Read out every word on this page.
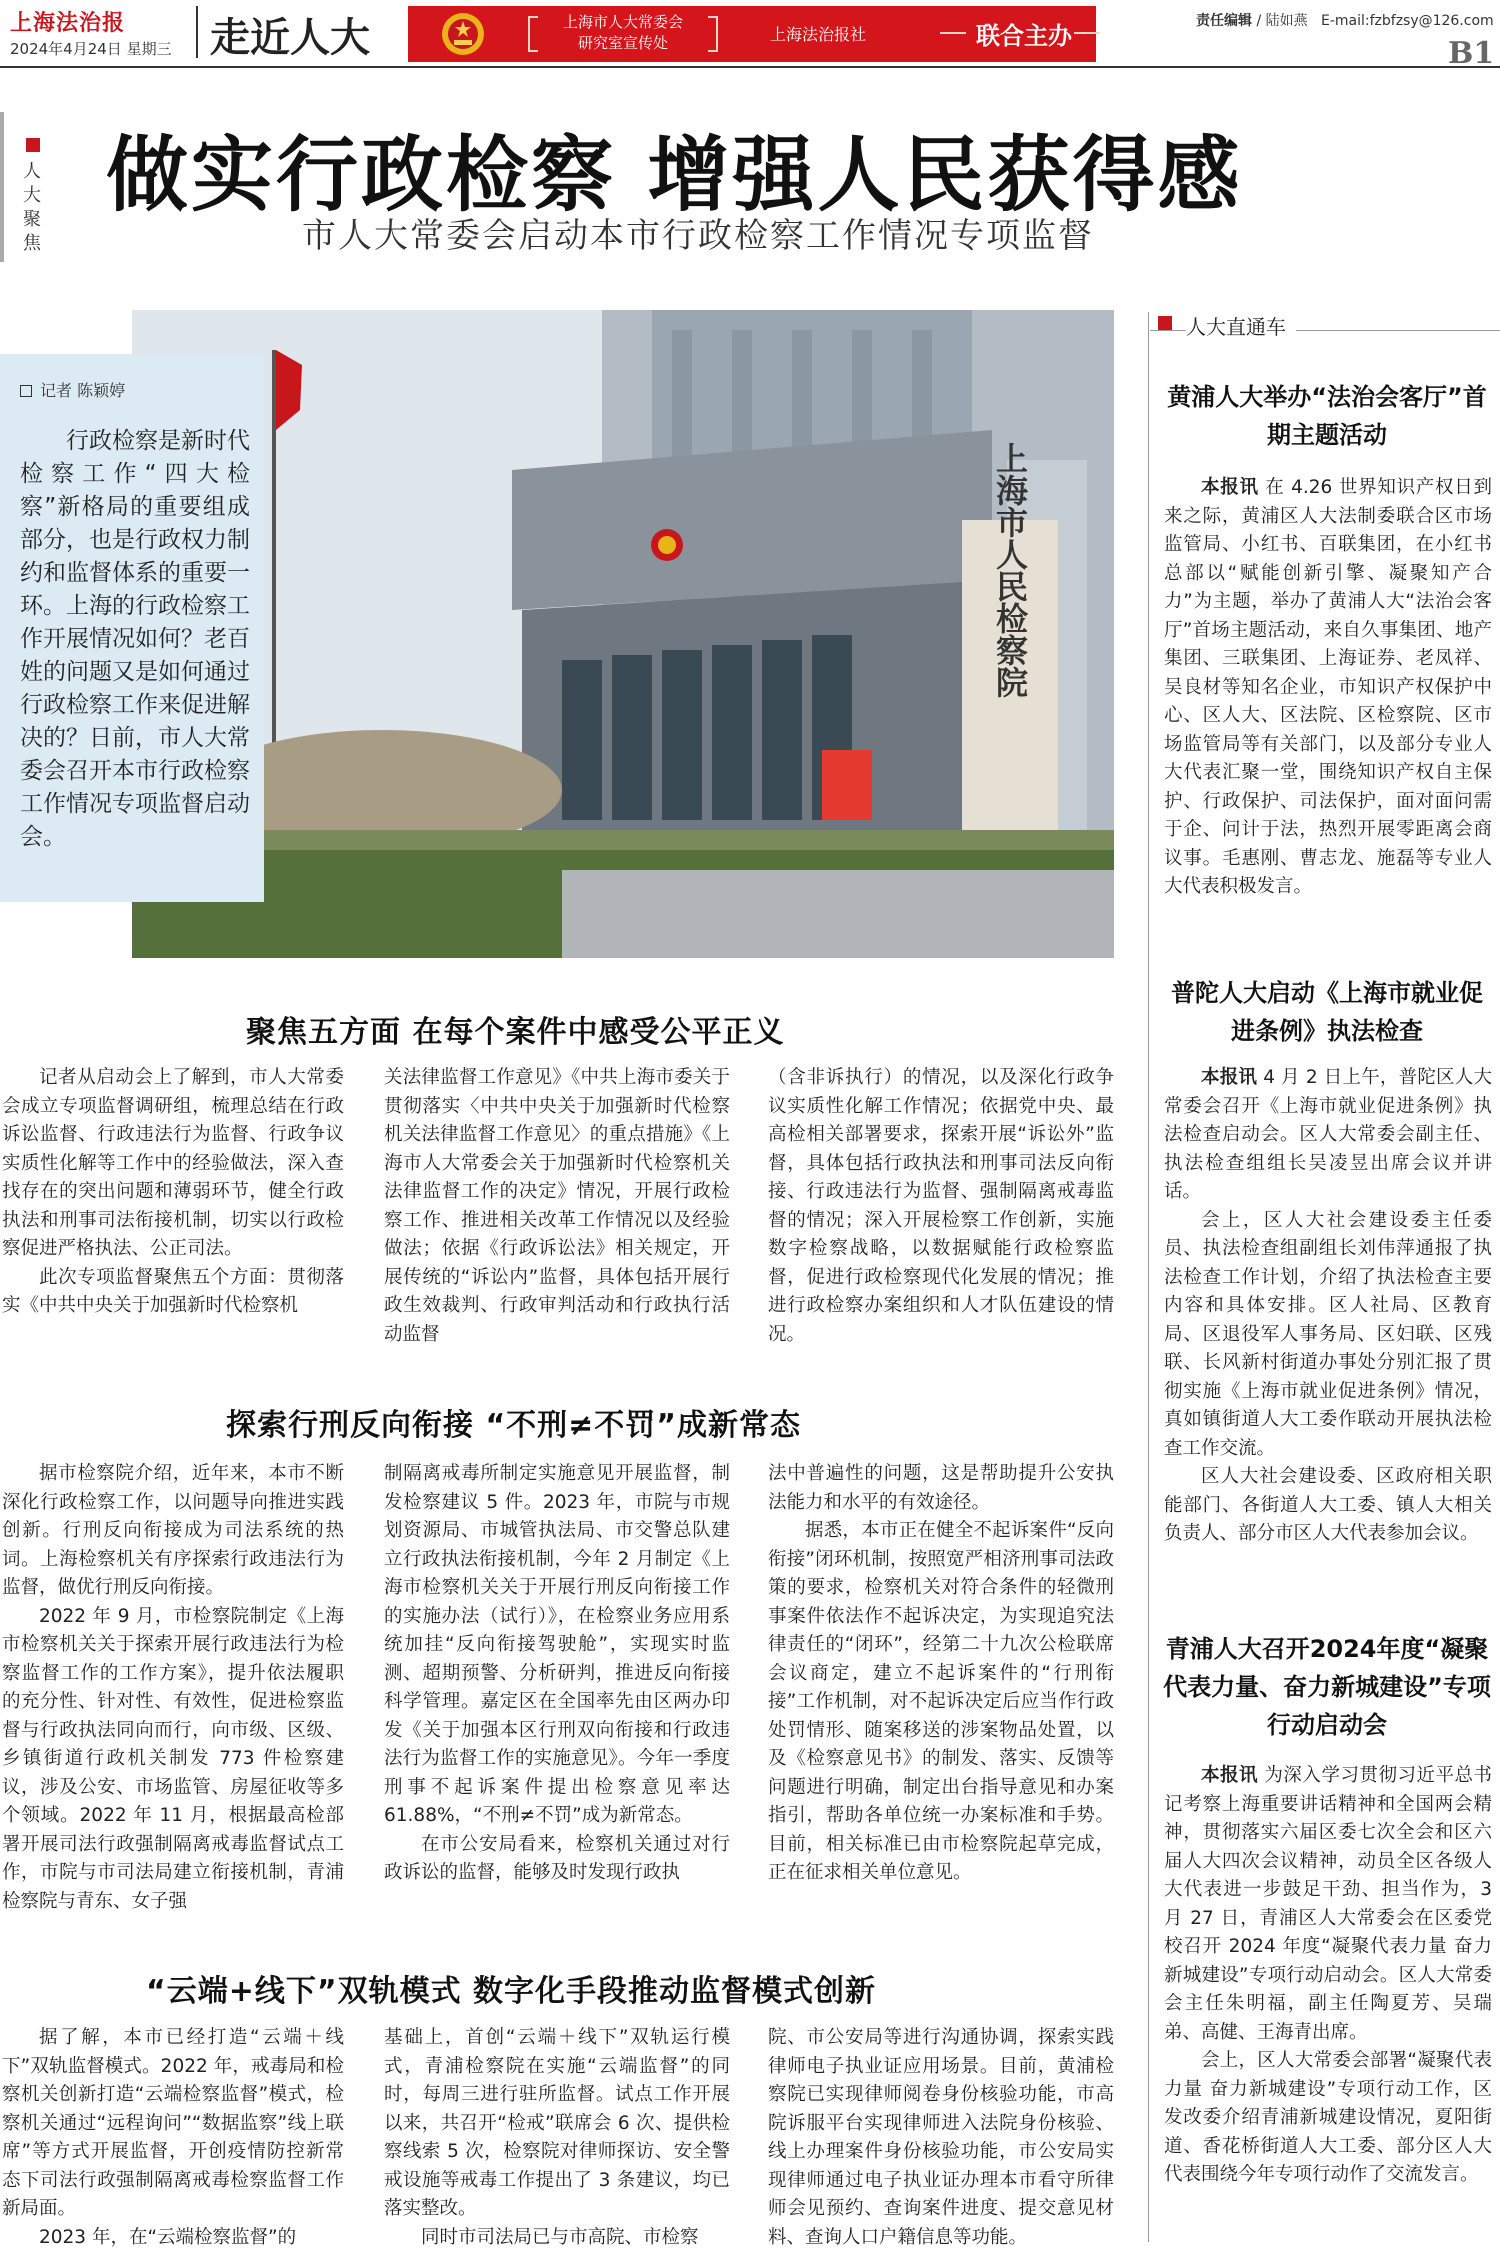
上海法治报
2024年4月24日 星期三 走近人大	上海市人大常委会
研究室宣传处	上海法治报社	联合主办
责任编辑 / 陆如燕 E-mail:fzbfzsy@126.com
B1
人大聚焦
做实行政检察 增强人民获得感
市人大常委会启动本市行政检察工作情况专项监督
上海市人民检察院
记者 陈颖婷
行政检察是新时代检察工作“四大检察”新格局的重要组成部分，也是行政权力制约和监督体系的重要一环。上海的行政检察工作开展情况如何？老百姓的问题又是如何通过行政检察工作来促进解决的？日前，市人大常委会召开本市行政检察工作情况专项监督启动会。
聚焦五方面 在每个案件中感受公平正义

记者从启动会上了解到，市人大常委会成立专项监督调研组，梳理总结在行政诉讼监督、行政违法行为监督、行政争议实质性化解等工作中的经验做法，深入查找存在的突出问题和薄弱环节，健全行政执法和刑事司法衔接机制，切实以行政检察促进严格执法、公正司法。

此次专项监督聚焦五个方面：贯彻落实《中共中央关于加强新时代检察机

关法律监督工作意见》《中共上海市委关于贯彻落实〈中共中央关于加强新时代检察机关法律监督工作意见〉的重点措施》《上海市人大常委会关于加强新时代检察机关法律监督工作的决定》情况，开展行政检察工作、推进相关改革工作情况以及经验做法；依据《行政诉讼法》相关规定，开展传统的“诉讼内”监督，具体包括开展行政生效裁判、行政审判活动和行政执行活动监督

（含非诉执行）的情况，以及深化行政争议实质性化解工作情况；依据党中央、最高检相关部署要求，探索开展“诉讼外”监督，具体包括行政执法和刑事司法反向衔接、行政违法行为监督、强制隔离戒毒监督的情况；深入开展检察工作创新，实施数字检察战略，以数据赋能行政检察监督，促进行政检察现代化发展的情况；推进行政检察办案组织和人才队伍建设的情况。

探索行刑反向衔接 “不刑≠不罚”成新常态

据市检察院介绍，近年来，本市不断深化行政检察工作，以问题导向推进实践创新。行刑反向衔接成为司法系统的热词。上海检察机关有序探索行政违法行为监督，做优行刑反向衔接。

2022 年 9 月，市检察院制定《上海市检察机关关于探索开展行政违法行为检察监督工作的工作方案》，提升依法履职的充分性、针对性、有效性，促进检察监督与行政执法同向而行，向市级、区级、乡镇街道行政机关制发 773 件检察建议，涉及公安、市场监管、房屋征收等多个领域。2022 年 11 月，根据最高检部署开展司法行政强制隔离戒毒监督试点工作，市院与市司法局建立衔接机制，青浦检察院与青东、女子强

制隔离戒毒所制定实施意见开展监督，制发检察建议 5 件。2023 年，市院与市规划资源局、市城管执法局、市交警总队建立行政执法衔接机制，今年 2 月制定《上海市检察机关关于开展行刑反向衔接工作的实施办法（试行）》，在检察业务应用系统加挂“反向衔接驾驶舱”，实现实时监测、超期预警、分析研判，推进反向衔接科学管理。嘉定区在全国率先由区两办印发《关于加强本区行刑双向衔接和行政违法行为监督工作的实施意见》。今年一季度刑事不起诉案件提出检察意见率达 61.88%，“不刑≠不罚”成为新常态。

在市公安局看来，检察机关通过对行政诉讼的监督，能够及时发现行政执

法中普遍性的问题，这是帮助提升公安执法能力和水平的有效途径。

据悉，本市正在健全不起诉案件“反向衔接”闭环机制，按照宽严相济刑事司法政策的要求，检察机关对符合条件的轻微刑事案件依法作不起诉决定，为实现追究法律责任的“闭环”，经第二十九次公检联席会议商定，建立不起诉案件的“行刑衔接”工作机制，对不起诉决定后应当作行政处罚情形、随案移送的涉案物品处置，以及《检察意见书》的制发、落实、反馈等问题进行明确，制定出台指导意见和办案指引，帮助各单位统一办案标准和手势。目前，相关标准已由市检察院起草完成，正在征求相关单位意见。

“云端+线下”双轨模式 数字化手段推动监督模式创新

据了解，本市已经打造“云端＋线下”双轨监督模式。2022 年，戒毒局和检察机关创新打造“云端检察监督”模式，检察机关通过“远程询问”“数据监察”线上联席”等方式开展监督，开创疫情防控新常态下司法行政强制隔离戒毒检察监督工作新局面。

2023 年，在“云端检察监督”的

基础上，首创“云端＋线下”双轨运行模式，青浦检察院在实施“云端监督”的同时，每周三进行驻所监督。试点工作开展以来，共召开“检戒”联席会 6 次、提供检察线索 5 次，检察院对律师探访、安全警戒设施等戒毒工作提出了 3 条建议，均已落实整改。

同时市司法局已与市高院、市检察

院、市公安局等进行沟通协调，探索实践律师电子执业证应用场景。目前，黄浦检察院已实现律师阅卷身份核验功能，市高院诉服平台实现律师进入法院身份核验、线上办理案件身份核验功能，市公安局实现律师通过电子执业证办理本市看守所律师会见预约、查询案件进度、提交意见材料、查询人口户籍信息等功能。

人大直通车
黄浦人大举办“法治会客厅”首期主题活动

本报讯 在 4.26 世界知识产权日到来之际，黄浦区人大法制委联合区市场监管局、小红书、百联集团，在小红书总部以“赋能创新引擎、凝聚知产合力”为主题，举办了黄浦人大“法治会客厅”首场主题活动，来自久事集团、地产集团、三联集团、上海证券、老凤祥、吴良材等知名企业，市知识产权保护中心、区人大、区法院、区检察院、区市场监管局等有关部门，以及部分专业人大代表汇聚一堂，围绕知识产权自主保护、行政保护、司法保护，面对面问需于企、问计于法，热烈开展零距离会商议事。毛惠刚、曹志龙、施磊等专业人大代表积极发言。

普陀人大启动《上海市就业促进条例》执法检查

本报讯 4 月 2 日上午，普陀区人大常委会召开《上海市就业促进条例》执法检查启动会。区人大常委会副主任、执法检查组组长吴凌昱出席会议并讲话。

会上，区人大社会建设委主任委员、执法检查组副组长刘伟萍通报了执法检查工作计划，介绍了执法检查主要内容和具体安排。区人社局、区教育局、区退役军人事务局、区妇联、区残联、长风新村街道办事处分别汇报了贯彻实施《上海市就业促进条例》情况，真如镇街道人大工委作联动开展执法检查工作交流。

区人大社会建设委、区政府相关职能部门、各街道人大工委、镇人大相关负责人、部分市区人大代表参加会议。

青浦人大召开2024年度“凝聚代表力量、奋力新城建设”专项行动启动会

本报讯 为深入学习贯彻习近平总书记考察上海重要讲话精神和全国两会精神，贯彻落实六届区委七次全会和区六届人大四次会议精神，动员全区各级人大代表进一步鼓足干劲、担当作为，3 月 27 日，青浦区人大常委会在区委党校召开 2024 年度“凝聚代表力量 奋力新城建设”专项行动启动会。区人大常委会主任朱明福，副主任陶夏芳、吴瑞弟、高健、王海青出席。

会上，区人大常委会部署“凝聚代表力量 奋力新城建设”专项行动工作，区发改委介绍青浦新城建设情况，夏阳街道、香花桥街道人大工委、部分区人大代表围绕今年专项行动作了交流发言。
